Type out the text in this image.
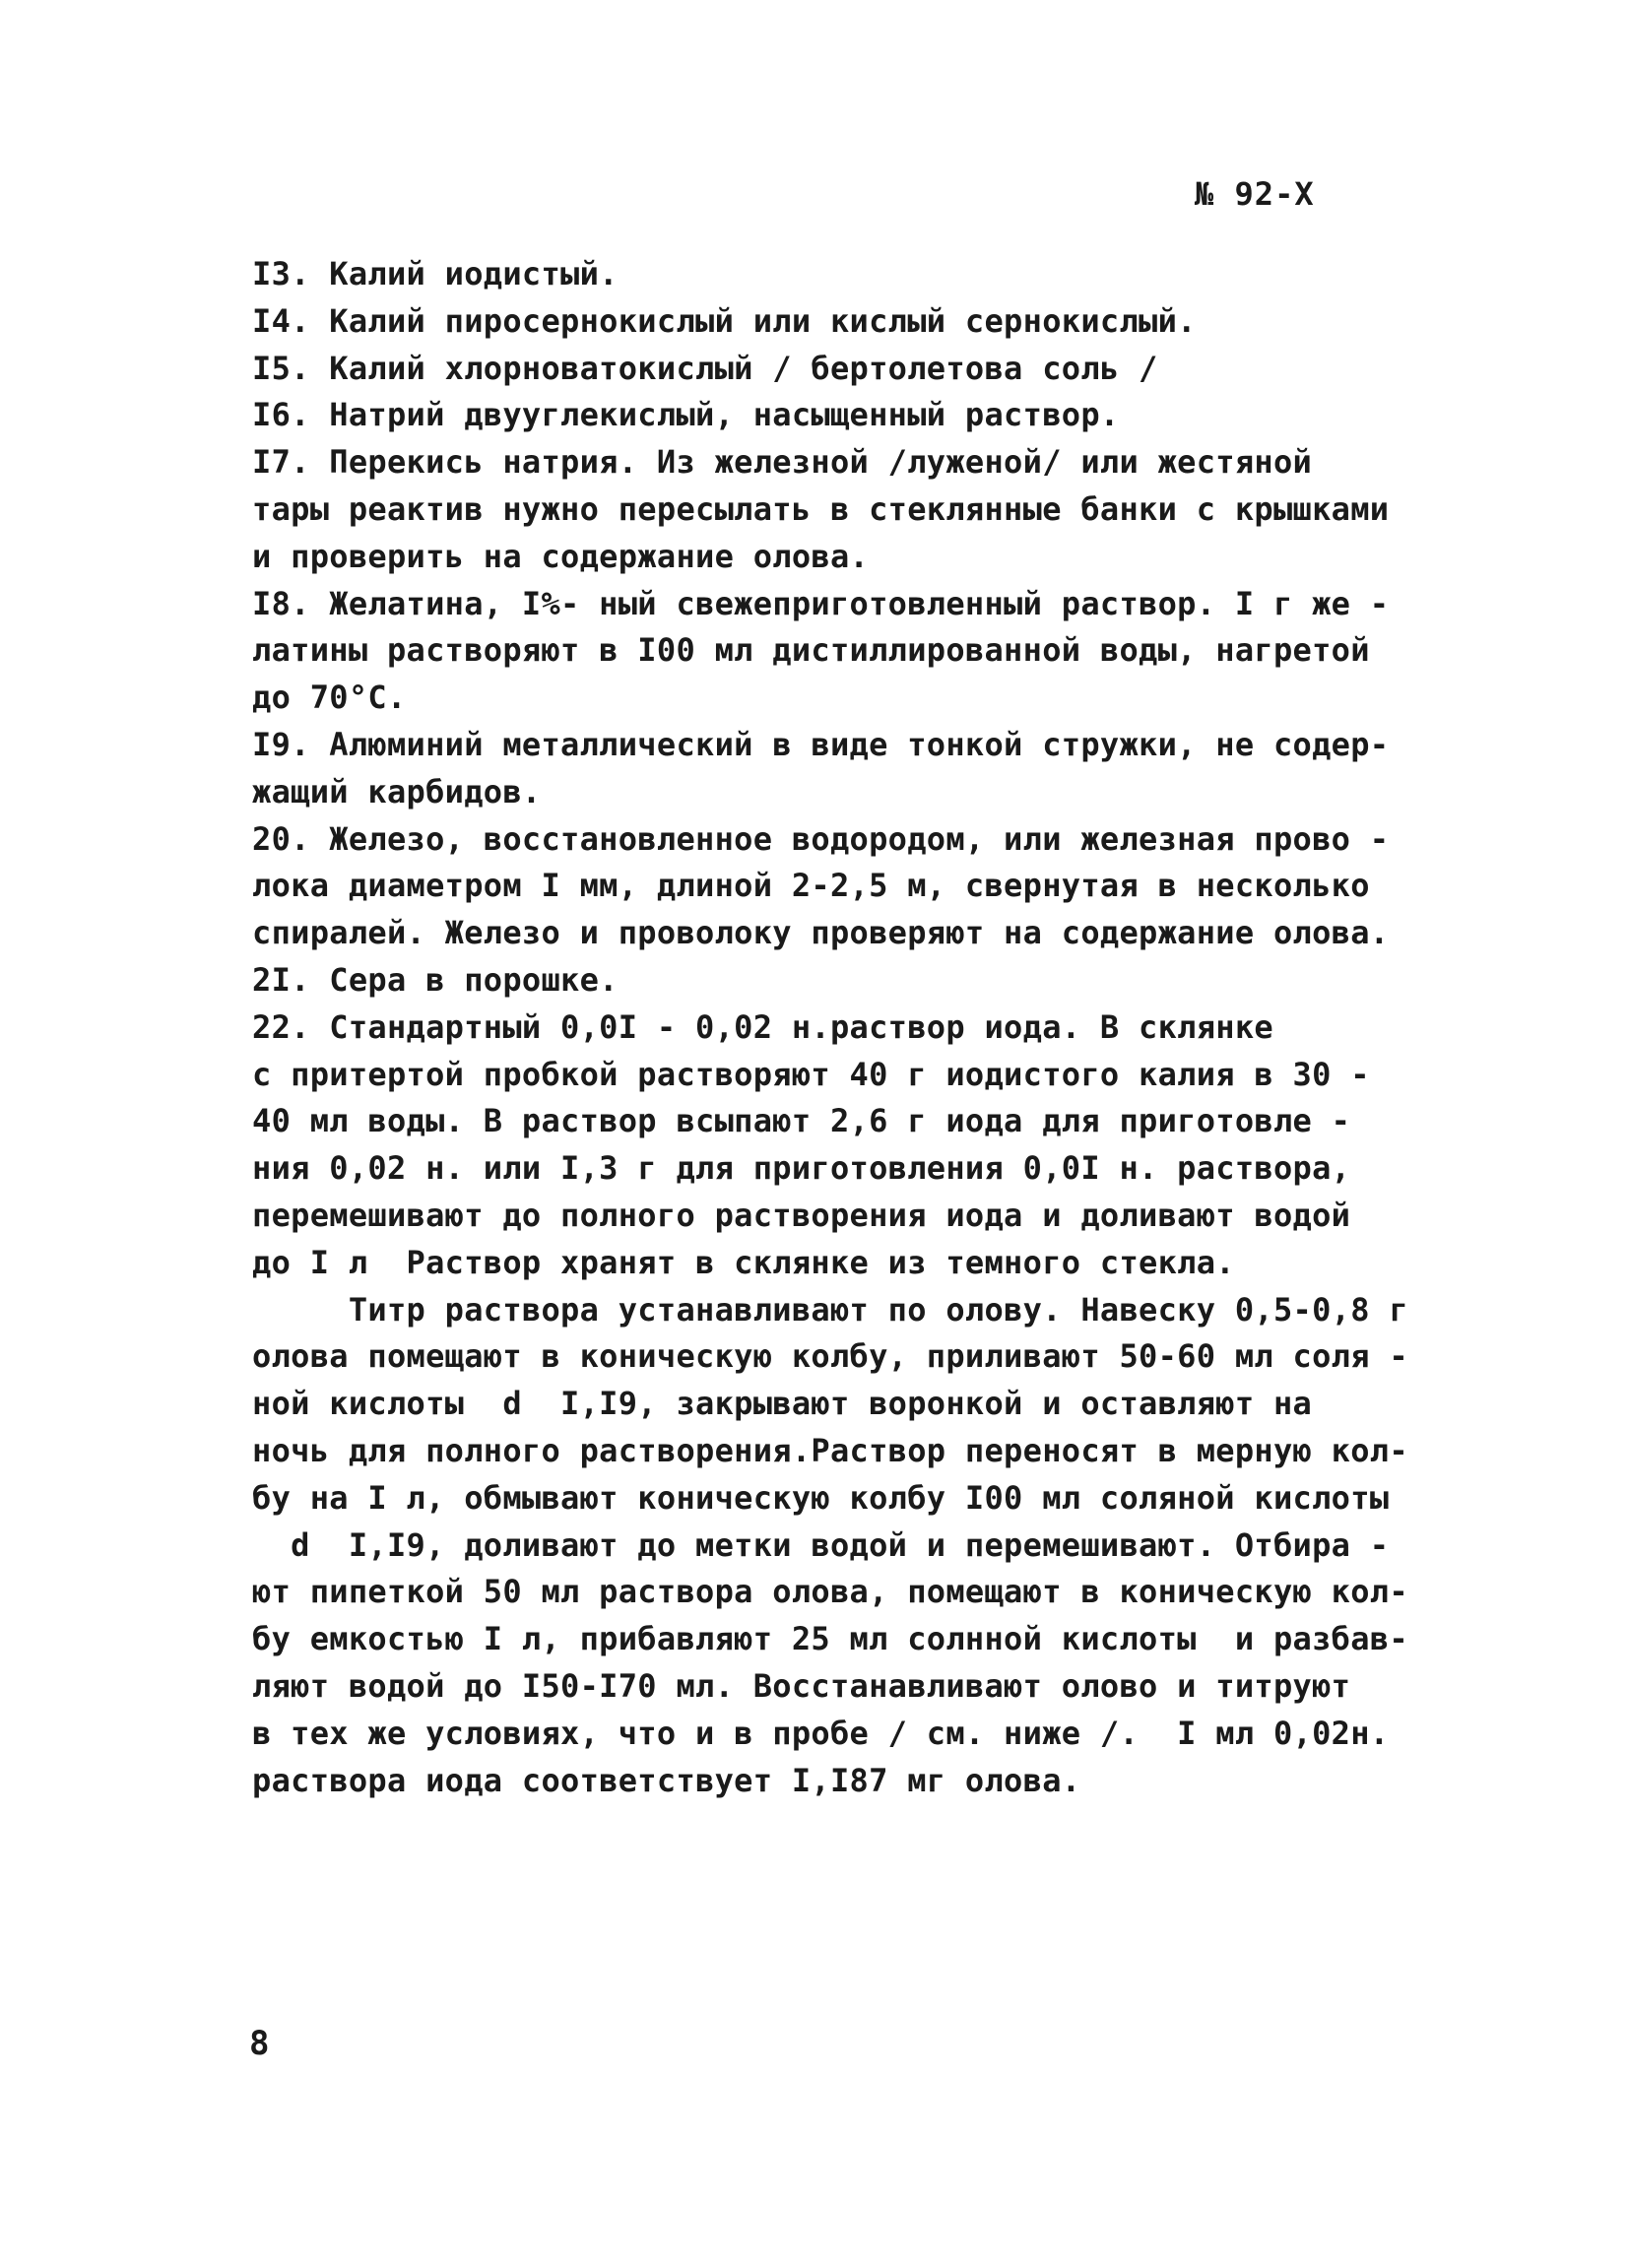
№ 92-X
I3. Калий иодистый.
I4. Калий пиросернокислый или кислый сернокислый.
I5. Калий хлорноватокислый / бертолетова соль /
I6. Натрий двууглекислый, насыщенный раствор.
I7. Перекись натрия. Из железной /луженой/ или жестяной
тары реактив нужно пересылать в стеклянные банки с крышками
и проверить на содержание олова.
I8. Желатина, I%- ный свежеприготовленный раствор. I г же -
латины растворяют в I00 мл дистиллированной воды, нагретой
до 70°С.
I9. Алюминий металлический в виде тонкой стружки, не содер-
жащий карбидов.
20. Железо, восстановленное водородом, или железная прово -
лока диаметром I мм, длиной 2-2,5 м, свернутая в несколько
спиралей. Железо и проволоку проверяют на содержание олова.
2I. Сера в порошке.
22. Стандартный 0,0I - 0,02 н.раствор иода. В склянке
с притертой пробкой растворяют 40 г иодистого калия в 30 -
40 мл воды. В раствор всыпают 2,6 г иода для приготовле -
ния 0,02 н. или I,3 г для приготовления 0,0I н. раствора,
перемешивают до полного растворения иода и доливают водой
до I л  Раствор хранят в склянке из темного стекла.
Титр раствора устанавливают по олову. Навеску 0,5-0,8 г
олова помещают в коническую колбу, приливают 50-60 мл соля -
ной кислоты  d  I,I9, закрывают воронкой и оставляют на
ночь для полного растворения.Раствор переносят в мерную кол-
бу на I л, обмывают коническую колбу I00 мл соляной кислоты
d  I,I9, доливают до метки водой и перемешивают. Отбира -
ют пипеткой 50 мл раствора олова, помещают в коническую кол-
бу емкостью I л, прибавляют 25 мл солнной кислоты  и разбав-
ляют водой до I50-I70 мл. Восстанавливают олово и титруют
в тех же условиях, что и в пробе / см. ниже /.  I мл 0,02н.
раствора иода соответствует I,I87 мг олова.
8
